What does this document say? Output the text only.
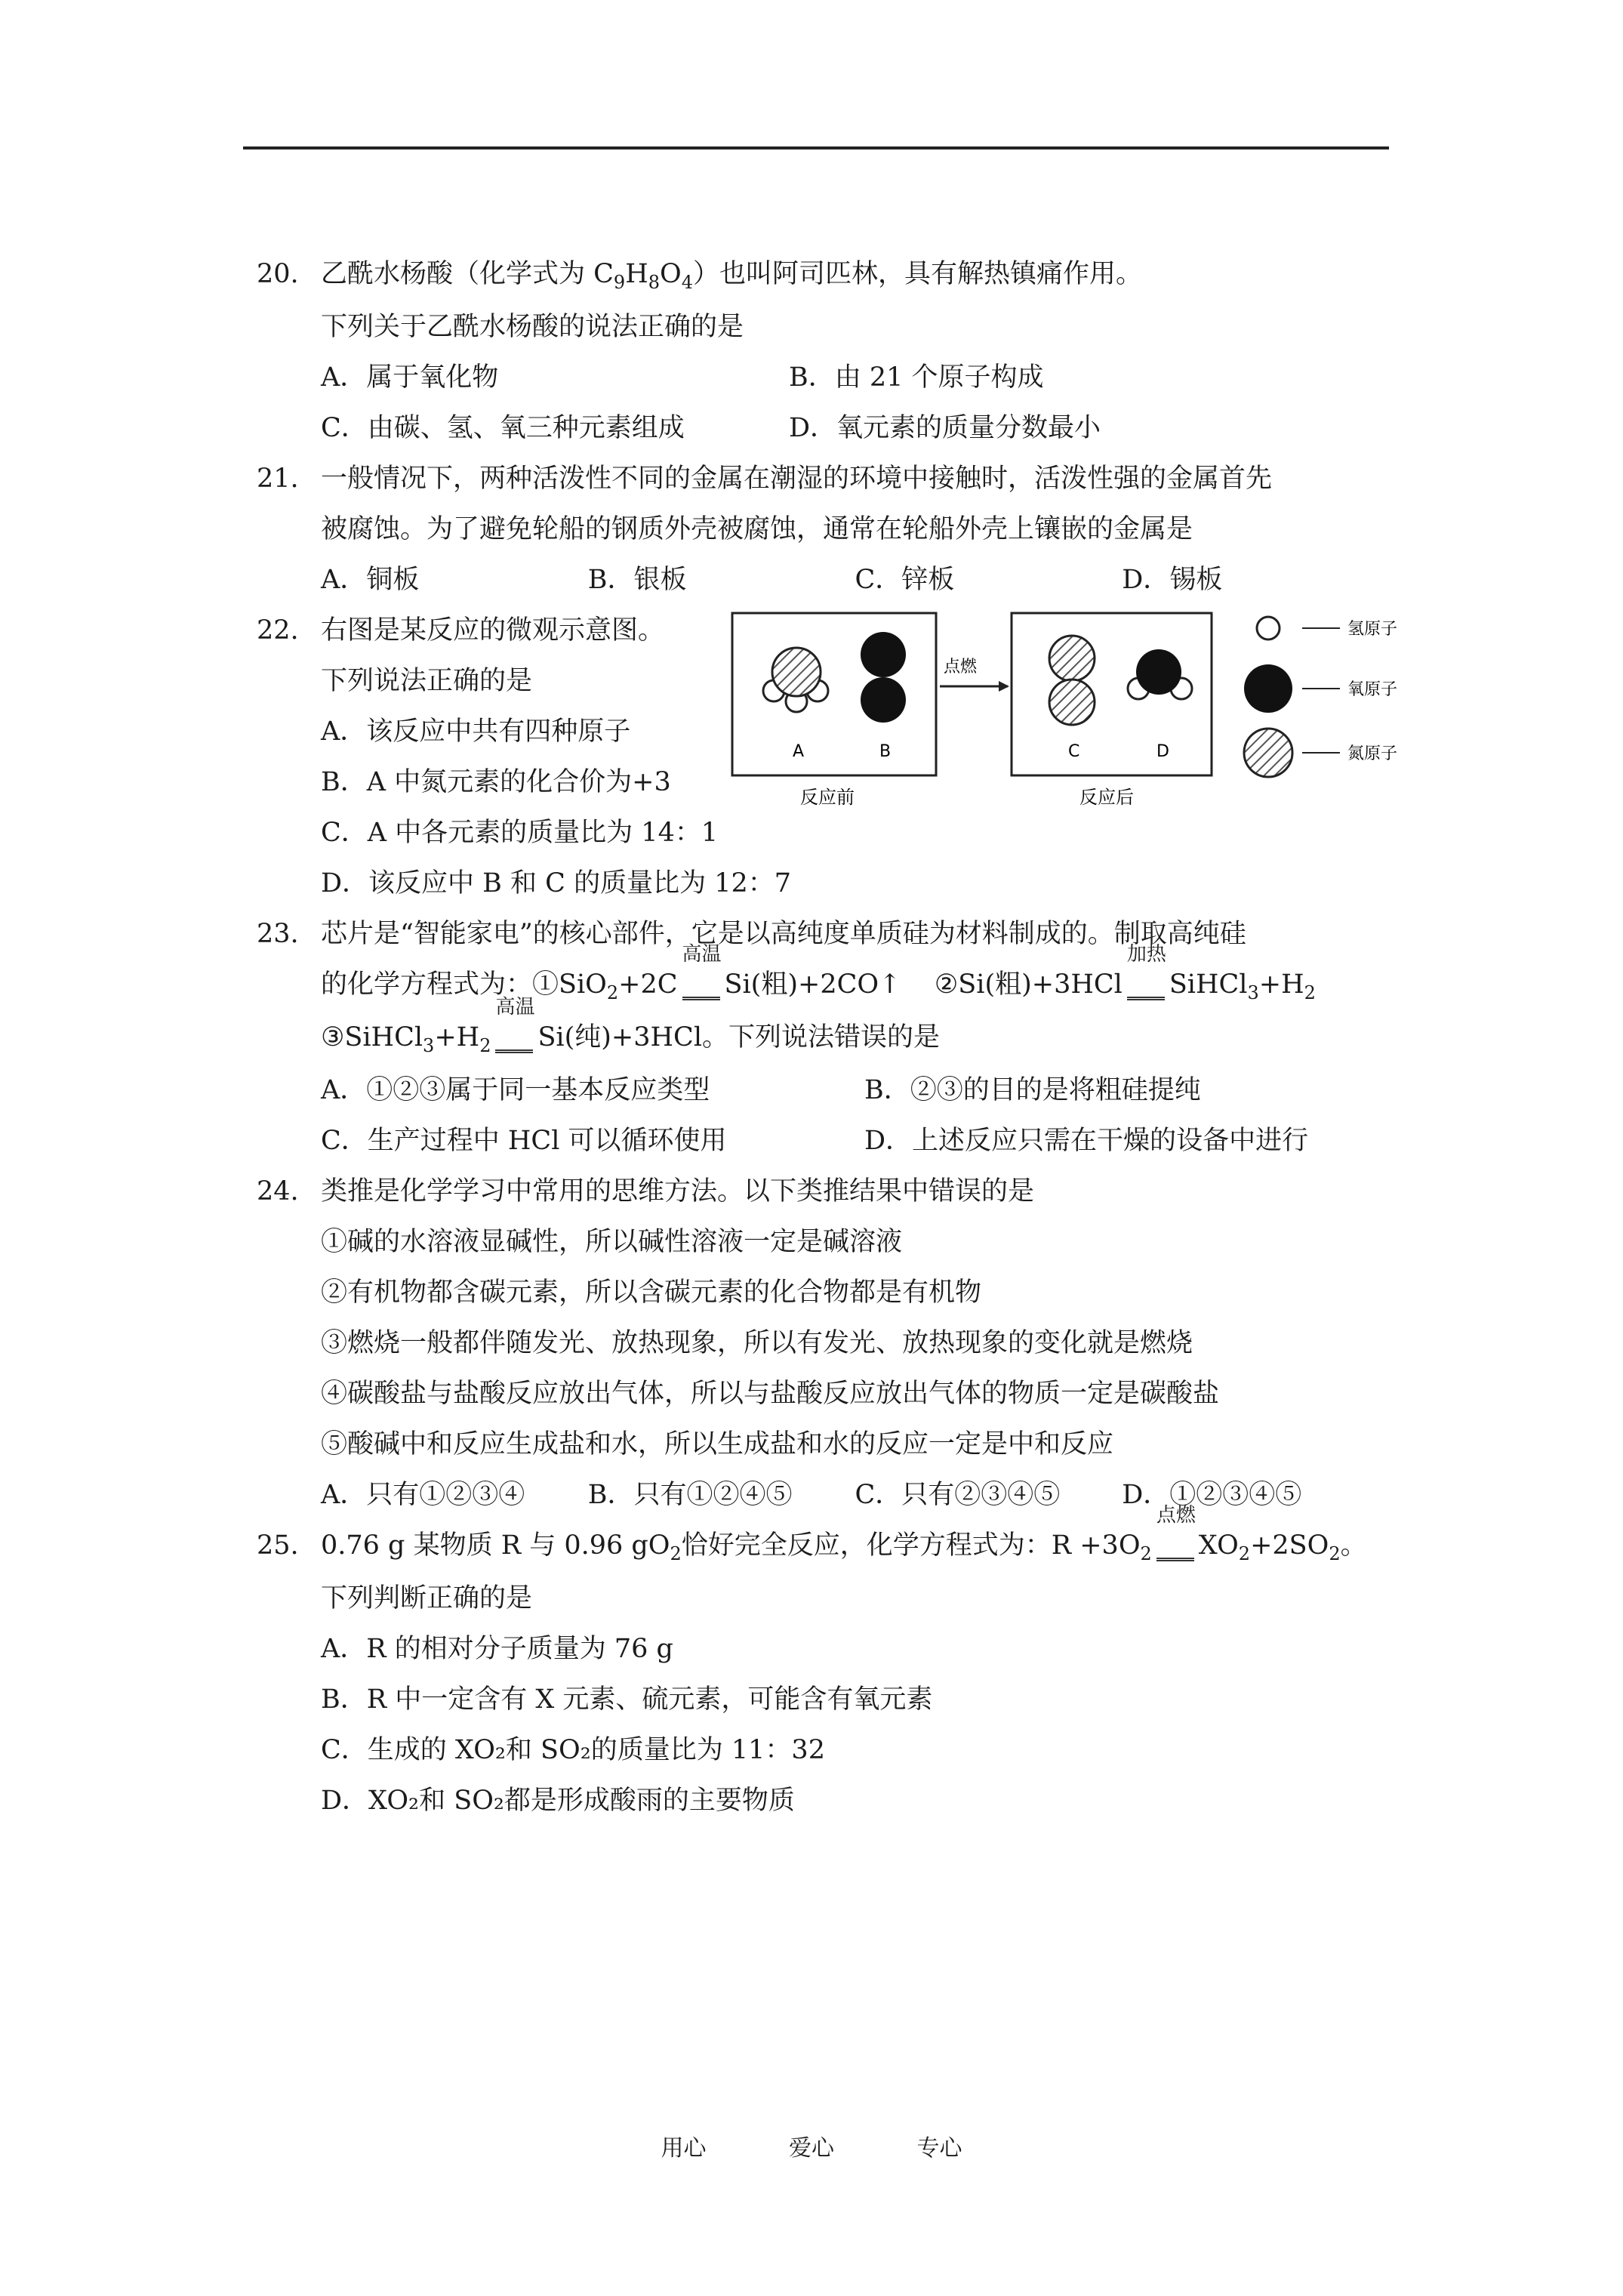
20. 乙酰水杨酸（化学式为 $C_9H_8O_4$）也叫阿司匹林，具有解热镇痛作用。
下列关于乙酰水杨酸的说法正确的是
A．属于氧化物	B．由 21 个原子构成
C．由碳、氢、氧三种元素组成	D．氧元素的质量分数最小
21. 一般情况下，两种活泼性不同的金属在潮湿的环境中接触时，活泼性强的金属首先
被腐蚀。为了避免轮船的钢质外壳被腐蚀，通常在轮船外壳上镶嵌的金属是
A．铜板	B．银板	C．锌板	D．锡板
22. 右图是某反应的微观示意图。
下列说法正确的是
A．该反应中共有四种原子
B．A 中氮元素的化合价为+3
C．A 中各元素的质量比为 14：1
D．该反应中 B 和 C 的质量比为 12：7
A	B
反应前
点燃
C	D
反应后
氢原子
氧原子
氮原子
23. 芯片是“智能家电”的核心部件，它是以高纯度单质硅为材料制成的。制取高纯硅
的化学方程式为：①SiO$_2$+2C
高温
Si(粗)+2CO↑ ②Si(粗)+3HCl
加热
$SiHCl_3+H_2$
$③SiHCl_3+H_2$
高温
Si(纯)+3HCl。下列说法错误的是
A．①②③属于同一基本反应类型	B．②③的目的是将粗硅提纯
C．生产过程中 HCl 可以循环使用	D．上述反应只需在干燥的设备中进行
24. 类推是化学学习中常用的思维方法。以下类推结果中错误的是
①碱的水溶液显碱性，所以碱性溶液一定是碱溶液
②有机物都含碳元素，所以含碳元素的化合物都是有机物
③燃烧一般都伴随发光、放热现象，所以有发光、放热现象的变化就是燃烧
④碳酸盐与盐酸反应放出气体，所以与盐酸反应放出气体的物质一定是碳酸盐
⑤酸碱中和反应生成盐和水，所以生成盐和水的反应一定是中和反应
A．只有①②③④	B．只有①②④⑤	C．只有②③④⑤	D．①②③④⑤
25. 0.76 g 某物质 R 与 0.96 $gO_2$恰好完全反应，化学方程式为：$R +3O_2$
点燃
$XO_2+2SO_2$。
下列判断正确的是
A．R 的相对分子质量为 76 g
B．R 中一定含有 X 元素、硫元素，可能含有氧元素
C．生成的 XO₂和 SO₂的质量比为 11：32
D．XO₂和 SO₂都是形成酸雨的主要物质
用心	爱心	专心
